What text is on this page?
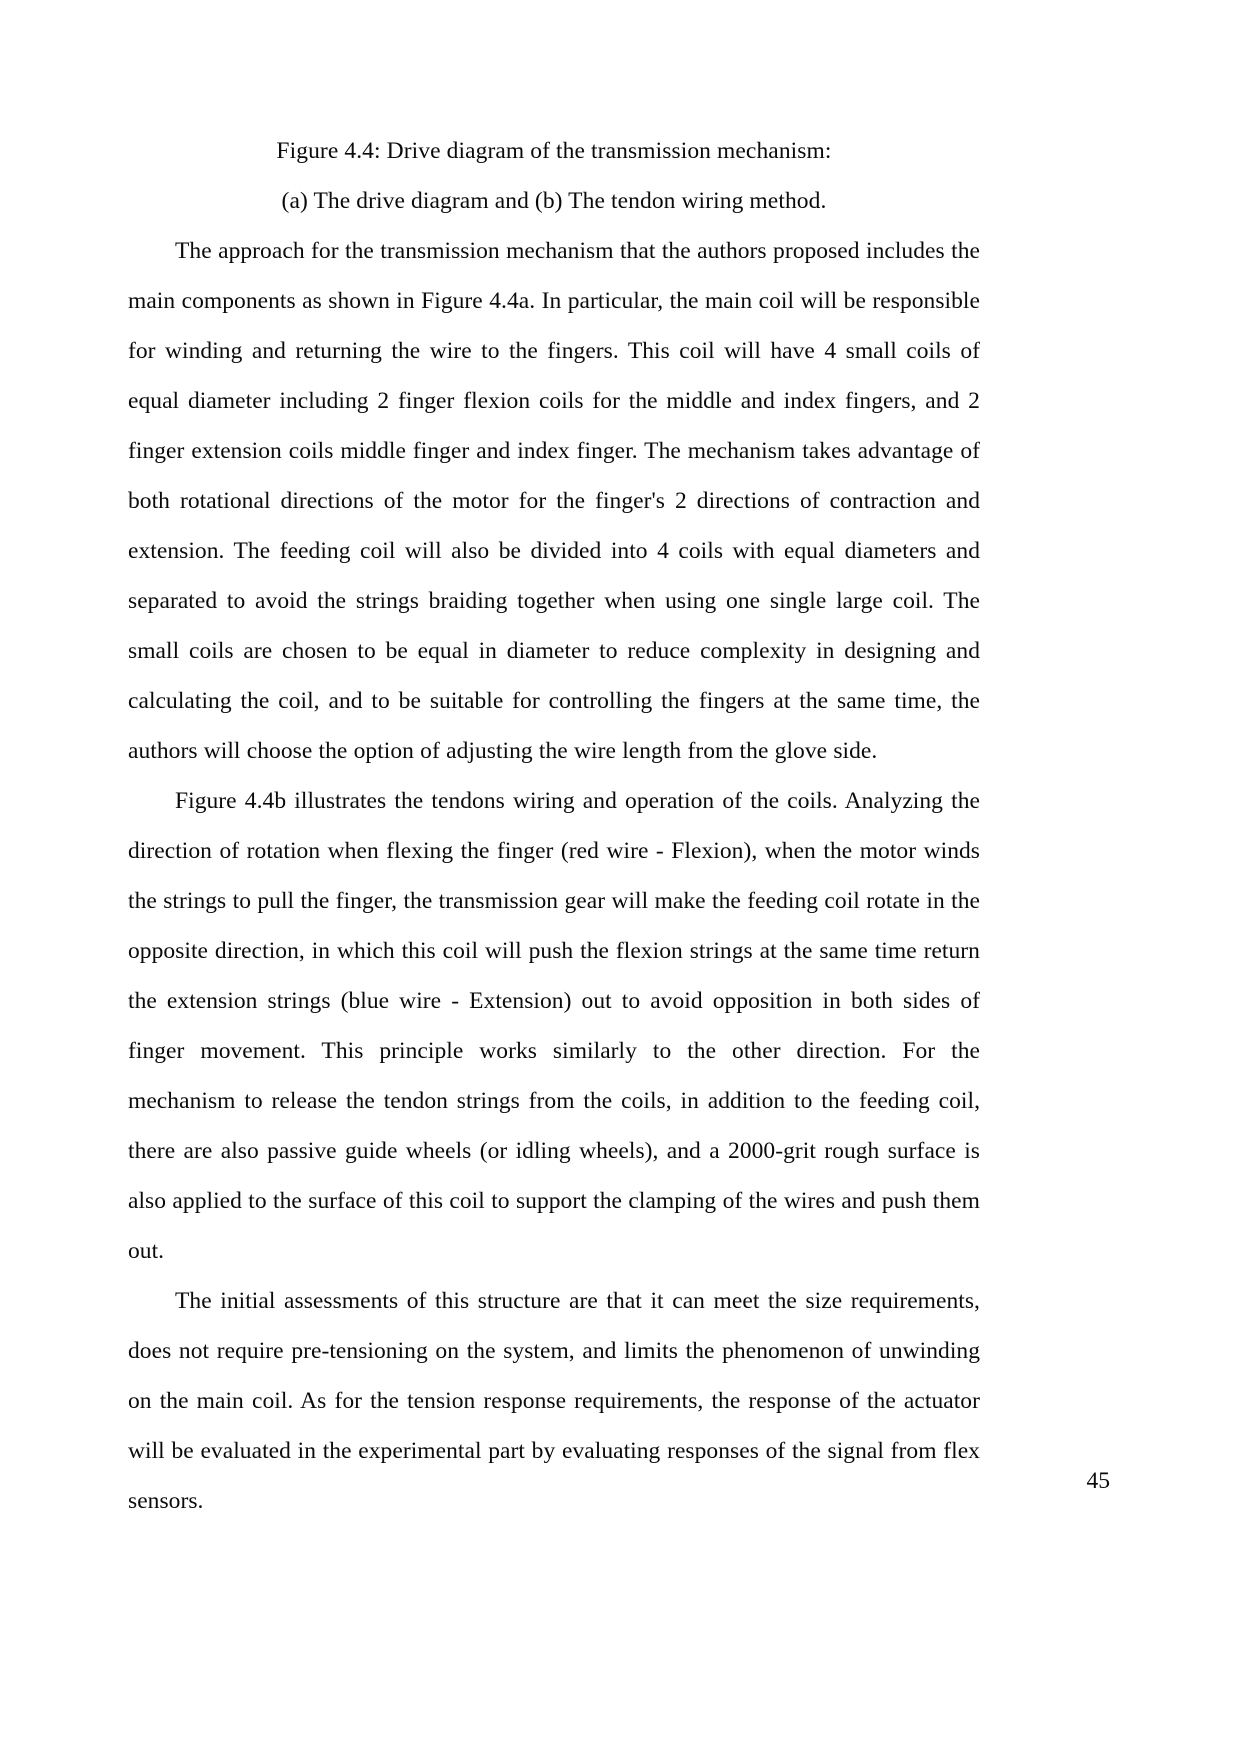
Figure 4.4: Drive diagram of the transmission mechanism:
(a) The drive diagram and (b) The tendon wiring method.

The approach for the transmission mechanism that the authors proposed includes the main components as shown in Figure 4.4a. In particular, the main coil will be responsible for winding and returning the wire to the fingers. This coil will have 4 small coils of equal diameter including 2 finger flexion coils for the middle and index fingers, and 2 finger extension coils middle finger and index finger. The mechanism takes advantage of both rotational directions of the motor for the finger's 2 directions of contraction and extension. The feeding coil will also be divided into 4 coils with equal diameters and separated to avoid the strings braiding together when using one single large coil. The small coils are chosen to be equal in diameter to reduce complexity in designing and calculating the coil, and to be suitable for controlling the fingers at the same time, the authors will choose the option of adjusting the wire length from the glove side.

Figure 4.4b illustrates the tendons wiring and operation of the coils. Analyzing the direction of rotation when flexing the finger (red wire - Flexion), when the motor winds the strings to pull the finger, the transmission gear will make the feeding coil rotate in the opposite direction, in which this coil will push the flexion strings at the same time return the extension strings (blue wire - Extension) out to avoid opposition in both sides of finger movement. This principle works similarly to the other direction. For the mechanism to release the tendon strings from the coils, in addition to the feeding coil, there are also passive guide wheels (or idling wheels), and a 2000-grit rough surface is also applied to the surface of this coil to support the clamping of the wires and push them out.

The initial assessments of this structure are that it can meet the size requirements, does not require pre-tensioning on the system, and limits the phenomenon of unwinding on the main coil. As for the tension response requirements, the response of the actuator will be evaluated in the experimental part by evaluating responses of the signal from flex sensors.

45
